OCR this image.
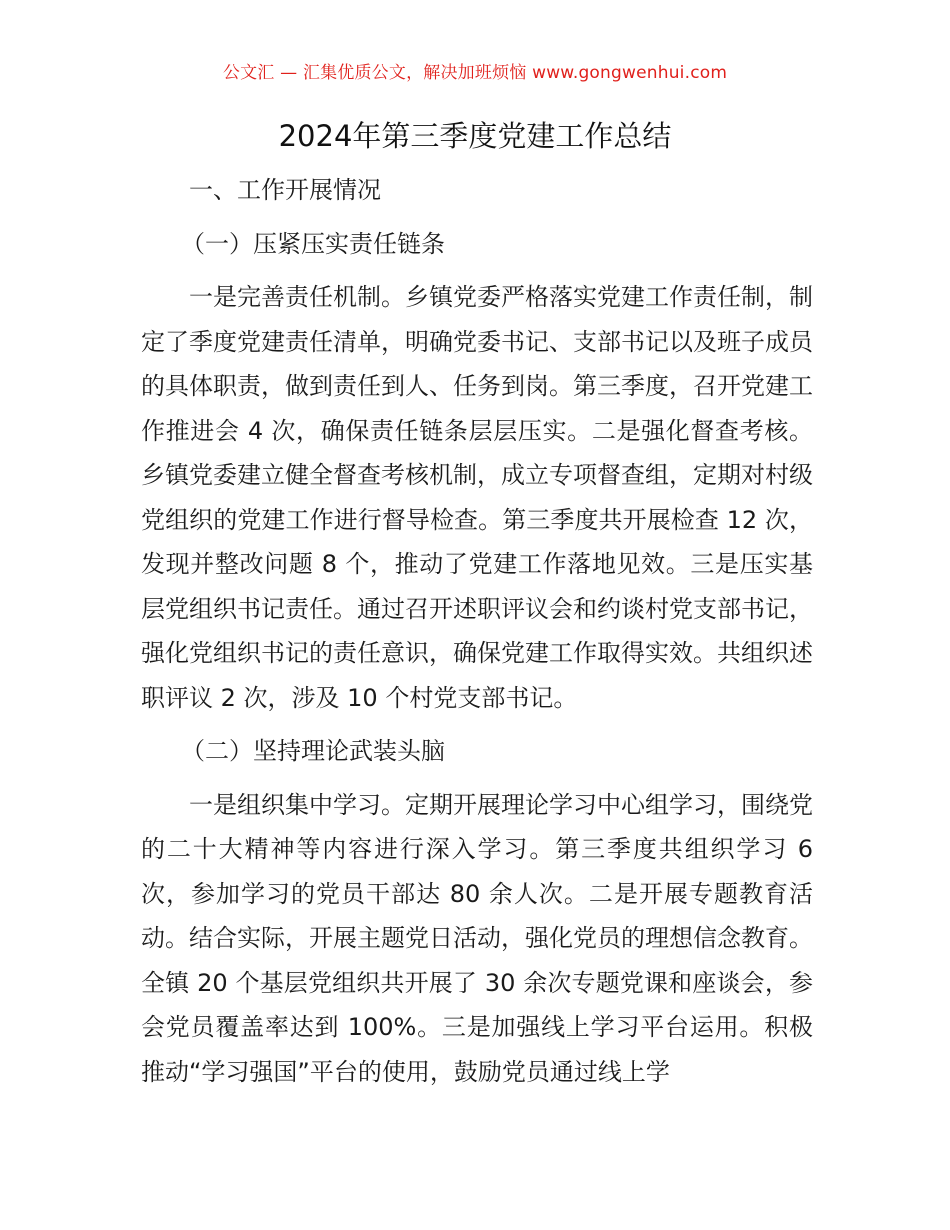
公文汇 — 汇集优质公文，解决加班烦恼 www.gongwenhui.com
2024年第三季度党建工作总结
一、工作开展情况
（一）压紧压实责任链条
一是完善责任机制。乡镇党委严格落实党建工作责任制，制定了季度党建责任清单，明确党委书记、支部书记以及班子成员的具体职责，做到责任到人、任务到岗。第三季度，召开党建工作推进会 4 次，确保责任链条层层压实。二是强化督查考核。乡镇党委建立健全督查考核机制，成立专项督查组，定期对村级党组织的党建工作进行督导检查。第三季度共开展检查 12 次，发现并整改问题 8 个，推动了党建工作落地见效。三是压实基层党组织书记责任。通过召开述职评议会和约谈村党支部书记，强化党组织书记的责任意识，确保党建工作取得实效。共组织述职评议 2 次，涉及 10 个村党支部书记。
（二）坚持理论武装头脑
一是组织集中学习。定期开展理论学习中心组学习，围绕党的二十大精神等内容进行深入学习。第三季度共组织学习 6 次，参加学习的党员干部达 80 余人次。二是开展专题教育活动。结合实际，开展主题党日活动，强化党员的理想信念教育。全镇 20 个基层党组织共开展了 30 余次专题党课和座谈会，参会党员覆盖率达到 100%。三是加强线上学习平台运用。积极推动“学习强国”平台的使用，鼓励党员通过线上学
